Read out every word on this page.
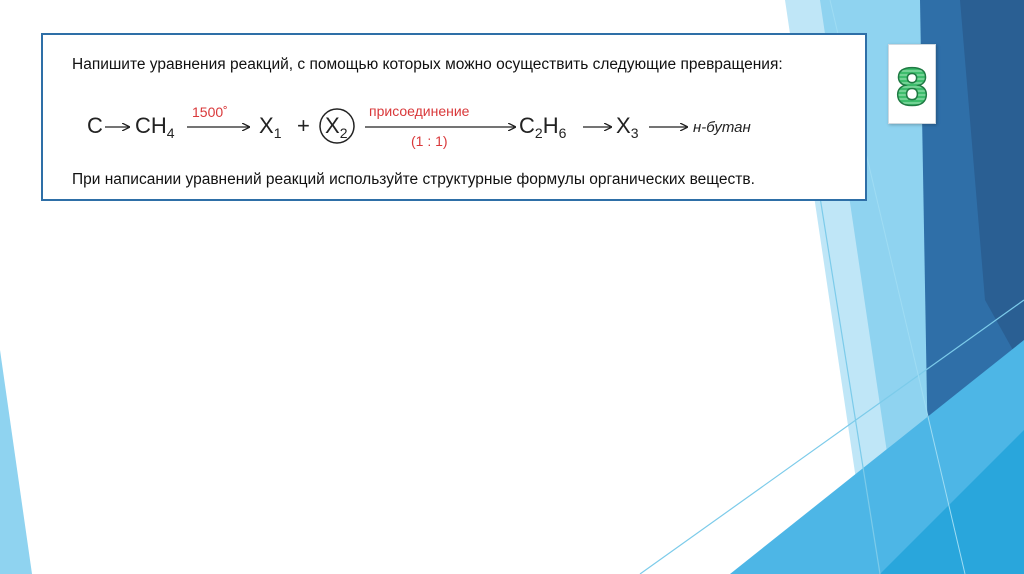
Напишите уравнения реакций, с помощью которых можно осуществить следующие превращения:
C $CH_4$
1500˚
$X_1 + X_2$
присоединение
(1 : 1)
$C_2H_6$ $X_3$	н-бутан
При написании уравнений реакций используйте структурные формулы органических веществ.
8
